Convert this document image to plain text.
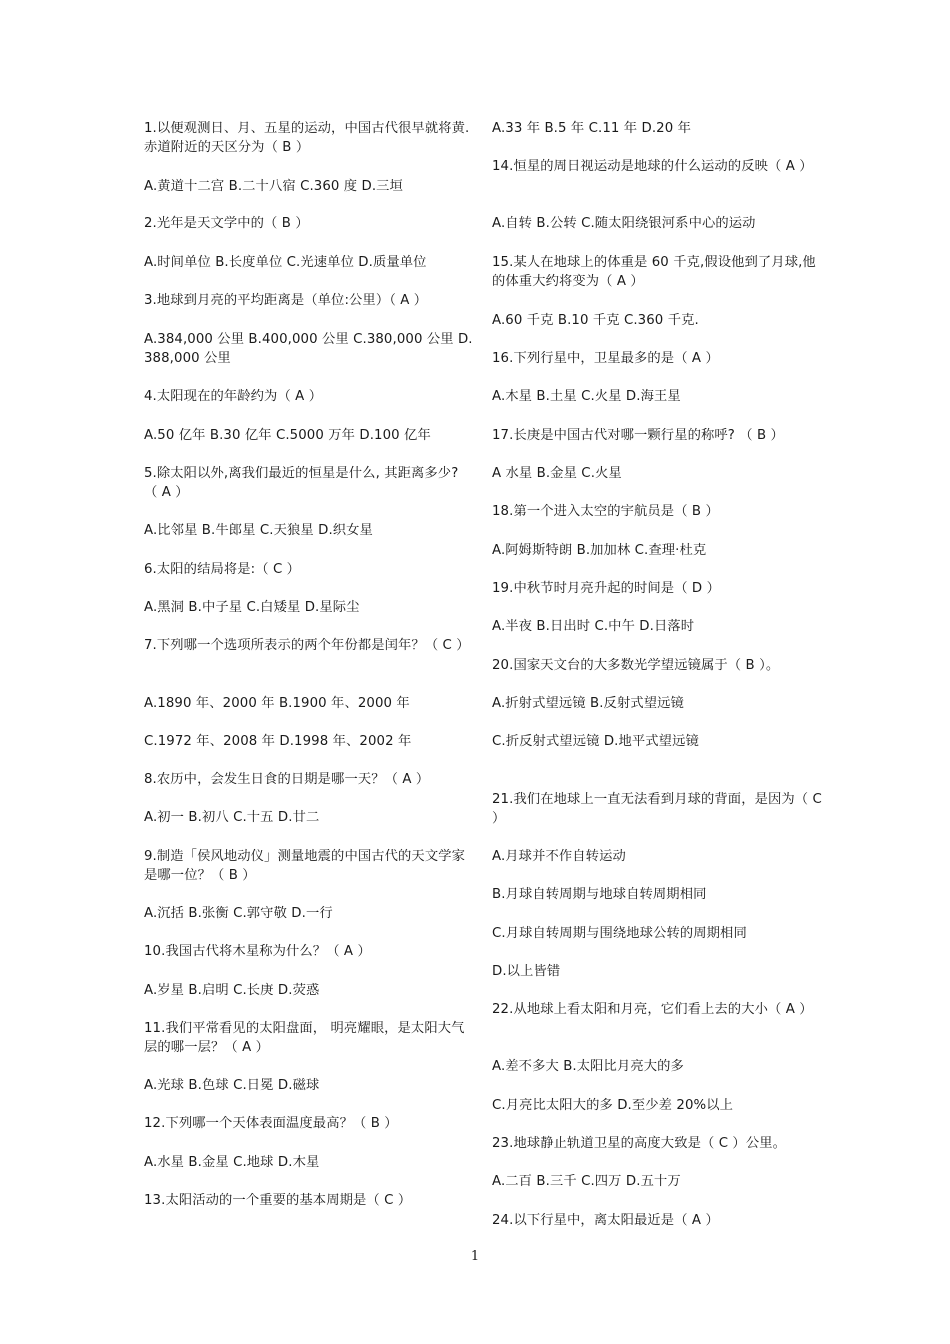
1.以便观测日、月、五星的运动，中国古代很早就将黄.赤道附近的天区分为（ B ）
A.黄道十二宫 B.二十八宿 C.360 度 D.三垣
2.光年是天文学中的（ B ）
A.时间单位 B.长度单位 C.光速单位 D.质量单位
3.地球到月亮的平均距离是（单位:公里）（ A ）
A.384,000 公里 B.400,000 公里 C.380,000 公里 D.388,000 公里
4.太阳现在的年龄约为（ A ）
A.50 亿年 B.30 亿年 C.5000 万年 D.100 亿年
5.除太阳以外,离我们最近的恒星是什么, 其距离多少? （ A ）
A.比邻星 B.牛郎星 C.天狼星 D.织女星
6.太阳的结局将是:（ C ）
A.黑洞 B.中子星 C.白矮星 D.星际尘
7.下列哪一个选项所表示的两个年份都是闰年？（ C ）
A.1890 年、2000 年 B.1900 年、2000 年
C.1972 年、2008 年 D.1998 年、2002 年
8.农历中，会发生日食的日期是哪一天？（ A ）
A.初一 B.初八 C.十五 D.廿二
9.制造「侯风地动仪」测量地震的中国古代的天文学家是哪一位？（ B ）
A.沉括 B.张衡 C.郭守敬 D.一行
10.我国古代将木星称为什么？（ A ）
A.岁星 B.启明 C.长庚 D.荧惑
11.我们平常看见的太阳盘面， 明亮耀眼，是太阳大气层的哪一层？（ A ）
A.光球 B.色球 C.日冕 D.磁球
12.下列哪一个天体表面温度最高？（ B ）
A.水星 B.金星 C.地球 D.木星
13.太阳活动的一个重要的基本周期是（ C ）
A.33 年 B.5 年 C.11 年 D.20 年
14.恒星的周日视运动是地球的什么运动的反映（ A ）
A.自转 B.公转 C.随太阳绕银河系中心的运动
15.某人在地球上的体重是 60 千克,假设他到了月球,他的体重大约将变为（ A ）
A.60 千克 B.10 千克 C.360 千克.
16.下列行星中，卫星最多的是（ A ）
A.木星 B.土星 C.火星 D.海王星
17.长庚是中国古代对哪一颗行星的称呼? （ B ）
A 水星 B.金星 C.火星
18.第一个进入太空的宇航员是（ B ）
A.阿姆斯特朗 B.加加林 C.查理·杜克
19.中秋节时月亮升起的时间是（ D ）
A.半夜 B.日出时 C.中午 D.日落时
20.国家天文台的大多数光学望远镜属于（ B ）。
A.折射式望远镜 B.反射式望远镜
C.折反射式望远镜 D.地平式望远镜
21.我们在地球上一直无法看到月球的背面，是因为（ C ）
A.月球并不作自转运动
B.月球自转周期与地球自转周期相同
C.月球自转周期与围绕地球公转的周期相同
D.以上皆错
22.从地球上看太阳和月亮，它们看上去的大小（ A ）
A.差不多大 B.太阳比月亮大的多
C.月亮比太阳大的多 D.至少差 20%以上
23.地球静止轨道卫星的高度大致是（ C ）公里。
A.二百 B.三千 C.四万 D.五十万
24.以下行星中，离太阳最近是（ A ）
1
